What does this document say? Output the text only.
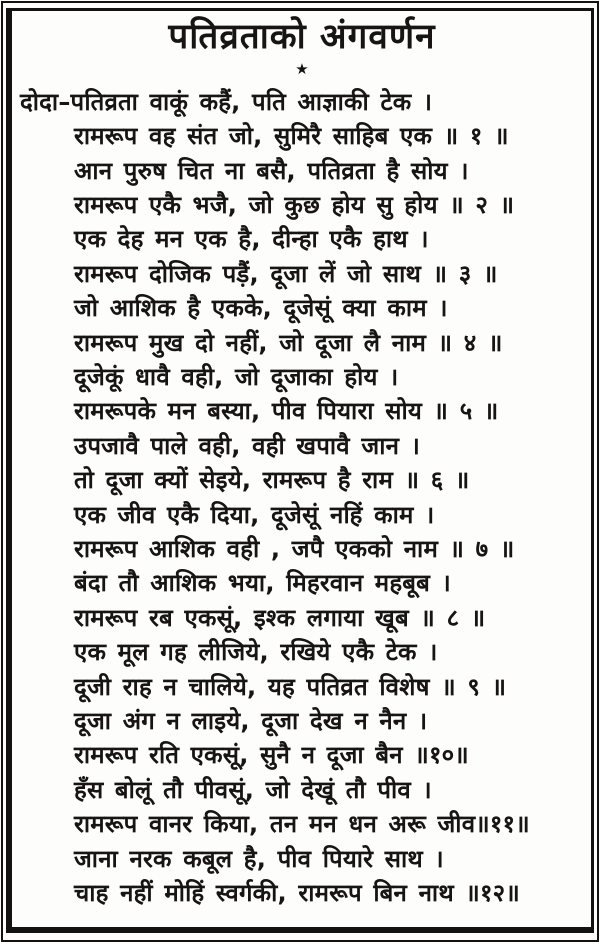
पतिव्रताको अंगवर्णन
★
दोदा–पतिव्रता वाकूं कहैं, पति आज्ञाकी टेक ।
रामरूप वह संत जो, सुमिरै साहिब एक ॥ १ ॥
आन पुरुष चित ना बसै, पतिव्रता है सोय ।
रामरूप एकै भजै, जो कुछ होय सु होय ॥ २ ॥
एक देह मन एक है, दीन्हा एकै हाथ ।
रामरूप दोजिक पड़ैं, दूजा लें जो साथ ॥ ३ ॥
जो आशिक है एकके, दूजेसूं क्या काम ।
रामरूप मुख दो नहीं, जो दूजा लै नाम ॥ ४ ॥
दूजेकूं धावै वही, जो दूजाका होय ।
रामरूपके मन बस्या, पीव पियारा सोय ॥ ५ ॥
उपजावै पाले वही, वही खपावै जान ।
तो दूजा क्यों सेइये, रामरूप है राम ॥ ६ ॥
एक जीव एकै दिया, दूजेसूं नहिं काम ।
रामरूप आशिक वही , जपै एकको नाम ॥ ७ ॥
बंदा तौ आशिक भया, मिहरवान महबूब ।
रामरूप रब एकसूं, इश्क लगाया खूब ॥ ८ ॥
एक मूल गह लीजिये, रखिये एकै टेक ।
दूजी राह न चालिये, यह पतिव्रत विशेष ॥ ९ ॥
दूजा अंग न लाइये, दूजा देख न नैन ।
रामरूप रति एकसूं, सुनै न दूजा बैन ॥१०॥
हँस बोलूं तौ पीवसूं, जो देखूं तौ पीव ।
रामरूप वानर किया, तन मन धन अरू जीव॥११॥
जाना नरक कबूल है, पीव पियारे साथ ।
चाह नहीं मोहिं स्वर्गकी, रामरूप बिन नाथ ॥१२॥
